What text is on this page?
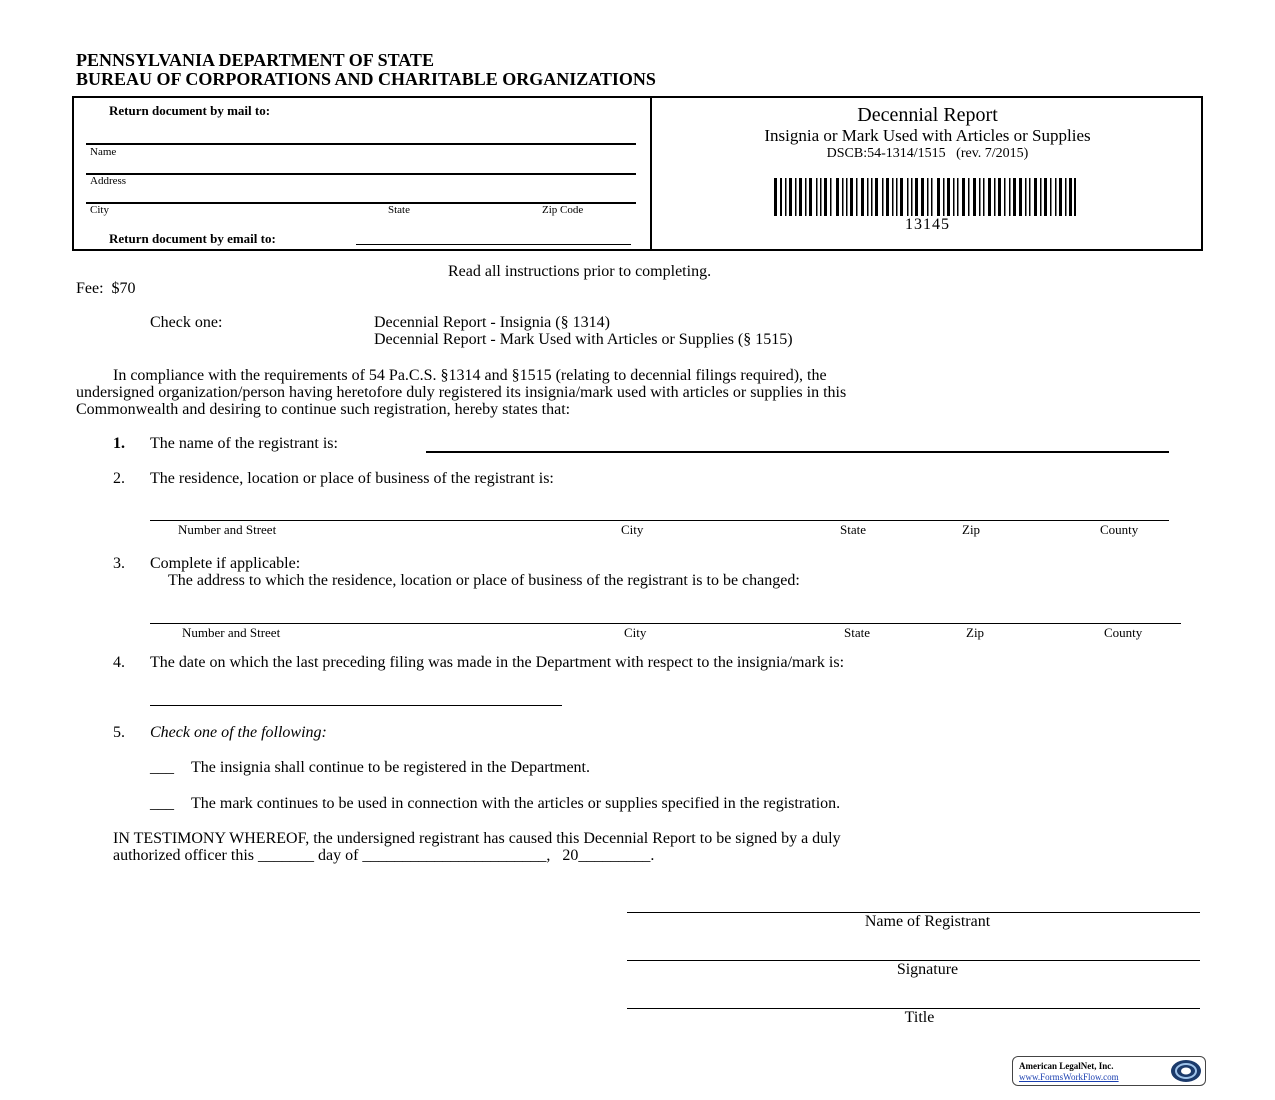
PENNSYLVANIA DEPARTMENT OF STATE
BUREAU OF CORPORATIONS AND CHARITABLE ORGANIZATIONS
Return document by mail to:
Name
Address
City	State	Zip Code
Return document by email to:
Decennial Report
Insignia or Mark Used with Articles or Supplies
DSCB:54-1314/1515   (rev. 7/2015)
13145
Read all instructions prior to completing.
Fee:  $70
Check one:	Decennial Report - Insignia (§ 1314)
Decennial Report - Mark Used with Articles or Supplies (§ 1515)
In compliance with the requirements of 54 Pa.C.S. §1314 and §1515 (relating to decennial filings required), the
undersigned organization/person having heretofore duly registered its insignia/mark used with articles or supplies in this
Commonwealth and desiring to continue such registration, hereby states that:
1. The name of the registrant is:
2. The residence, location or place of business of the registrant is:
Number and Street	City	State	Zip	County
3. Complete if applicable:
The address to which the residence, location or place of business of the registrant is to be changed:
Number and Street	City	State	Zip	County
4. The date on which the last preceding filing was made in the Department with respect to the insignia/mark is:
5. Check one of the following:
___ The insignia shall continue to be registered in the Department.
___ The mark continues to be used in connection with the articles or supplies specified in the registration.
IN TESTIMONY WHEREOF, the undersigned registrant has caused this Decennial Report to be signed by a duly
authorized officer this _______ day of _______________________,   20_________.
Name of Registrant
Signature
Title
American LegalNet, Inc.
www.FormsWorkFlow.com
